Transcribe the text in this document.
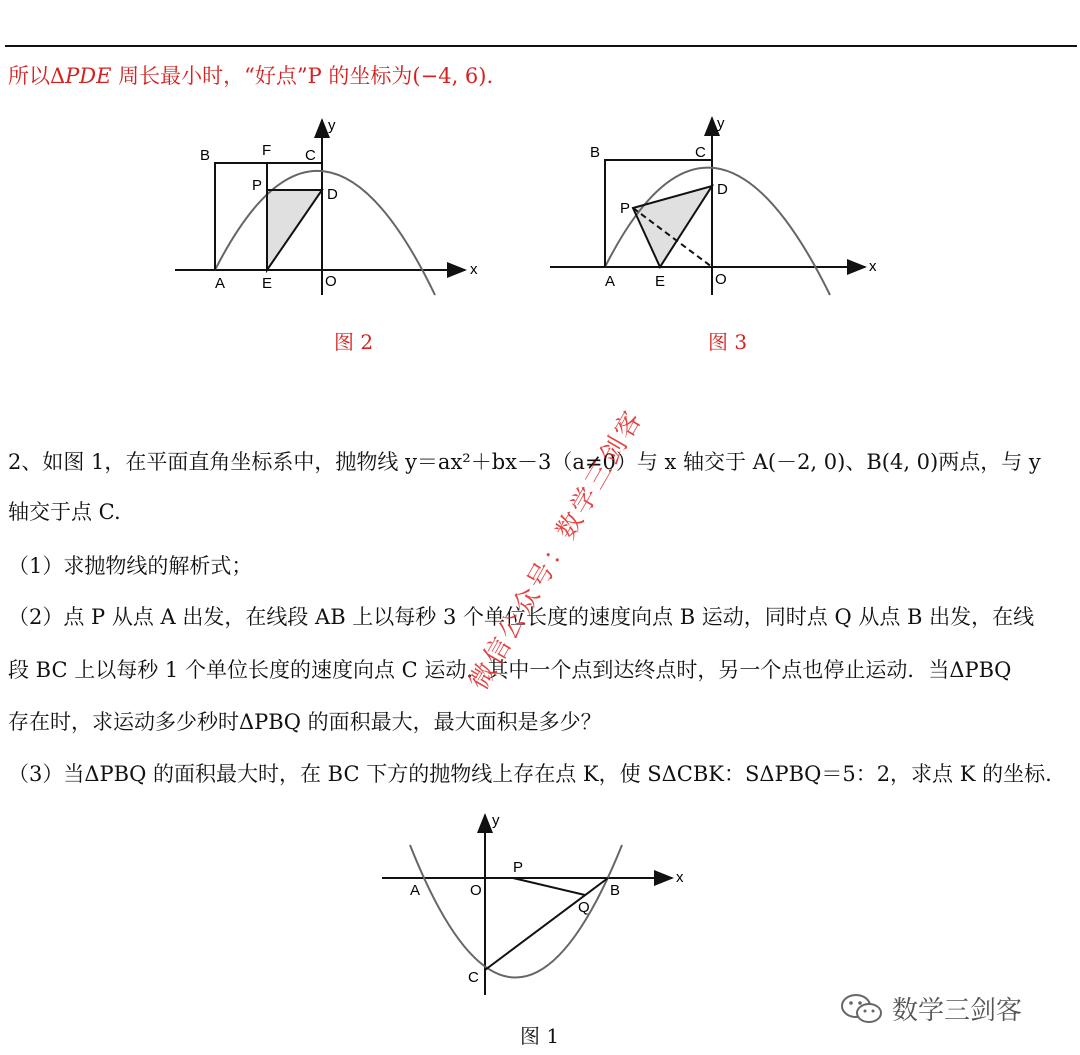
所以ΔPDE 周长最小时，“好点”P 的坐标为(−4, 6).
B	F C
P
D
A E	O
x
y
图 2
B	C
P
D
A	E	O
x
y
图 3
2、如图 1，在平面直角坐标系中，抛物线 y＝ax²＋bx－3（a≠0）与 x 轴交于 A(－2, 0)、B(4, 0)两点，与 y
轴交于点 C.
（1）求抛物线的解析式；
（2）点 P 从点 A 出发，在线段 AB 上以每秒 3 个单位长度的速度向点 B 运动，同时点 Q 从点 B 出发，在线
段 BC 上以每秒 1 个单位长度的速度向点 C 运动．其中一个点到达终点时，另一个点也停止运动．当ΔPBQ
存在时，求运动多少秒时ΔPBQ 的面积最大，最大面积是多少？
（3）当ΔPBQ 的面积最大时，在 BC 下方的抛物线上存在点 K，使 SΔCBK：SΔPBQ＝5：2，求点 K 的坐标.
A	O
P
B
Q
C
x
y
图 1
微信公众号：数学三剑客
数学三剑客
